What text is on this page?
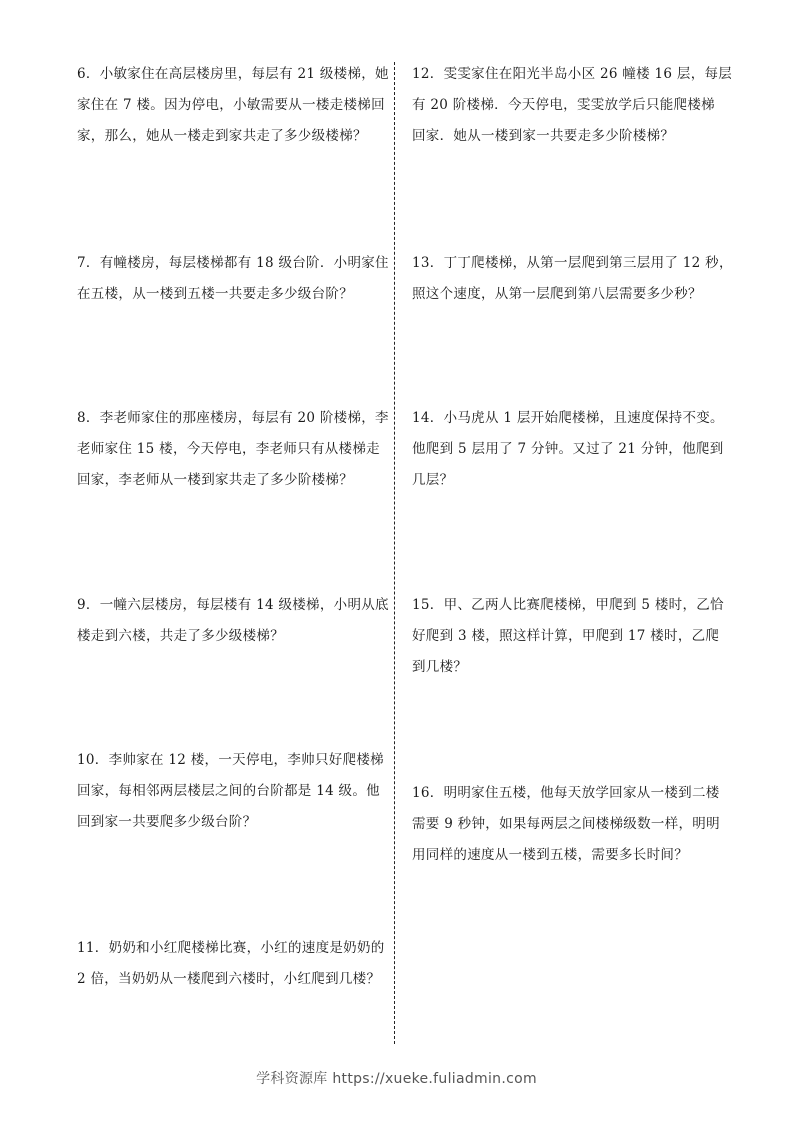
6．小敏家住在高层楼房里，每层有 21 级楼梯，她
家住在 7 楼。因为停电，小敏需要从一楼走楼梯回
家，那么，她从一楼走到家共走了多少级楼梯？
7．有幢楼房，每层楼梯都有 18 级台阶．小明家住
在五楼，从一楼到五楼一共要走多少级台阶？
8．李老师家住的那座楼房，每层有 20 阶楼梯，李
老师家住 15 楼，今天停电，李老师只有从楼梯走
回家，李老师从一楼到家共走了多少阶楼梯？
9．一幢六层楼房，每层楼有 14 级楼梯，小明从底
楼走到六楼，共走了多少级楼梯？
10．李帅家在 12 楼，一天停电，李帅只好爬楼梯
回家，每相邻两层楼层之间的台阶都是 14 级。他
回到家一共要爬多少级台阶？
11．奶奶和小红爬楼梯比赛，小红的速度是奶奶的
2 倍，当奶奶从一楼爬到六楼时，小红爬到几楼？
12．雯雯家住在阳光半岛小区 26 幢楼 16 层，每层
有 20 阶楼梯．今天停电，雯雯放学后只能爬楼梯
回家．她从一楼到家一共要走多少阶楼梯？
13．丁丁爬楼梯，从第一层爬到第三层用了 12 秒，
照这个速度，从第一层爬到第八层需要多少秒？
14．小马虎从 1 层开始爬楼梯，且速度保持不变。
他爬到 5 层用了 7 分钟。又过了 21 分钟，他爬到
几层？
15．甲、乙两人比赛爬楼梯，甲爬到 5 楼时，乙恰
好爬到 3 楼，照这样计算，甲爬到 17 楼时，乙爬
到几楼？
16．明明家住五楼，他每天放学回家从一楼到二楼
需要 9 秒钟，如果每两层之间楼梯级数一样，明明
用同样的速度从一楼到五楼，需要多长时间？
学科资源库 https://xueke.fuliadmin.com
